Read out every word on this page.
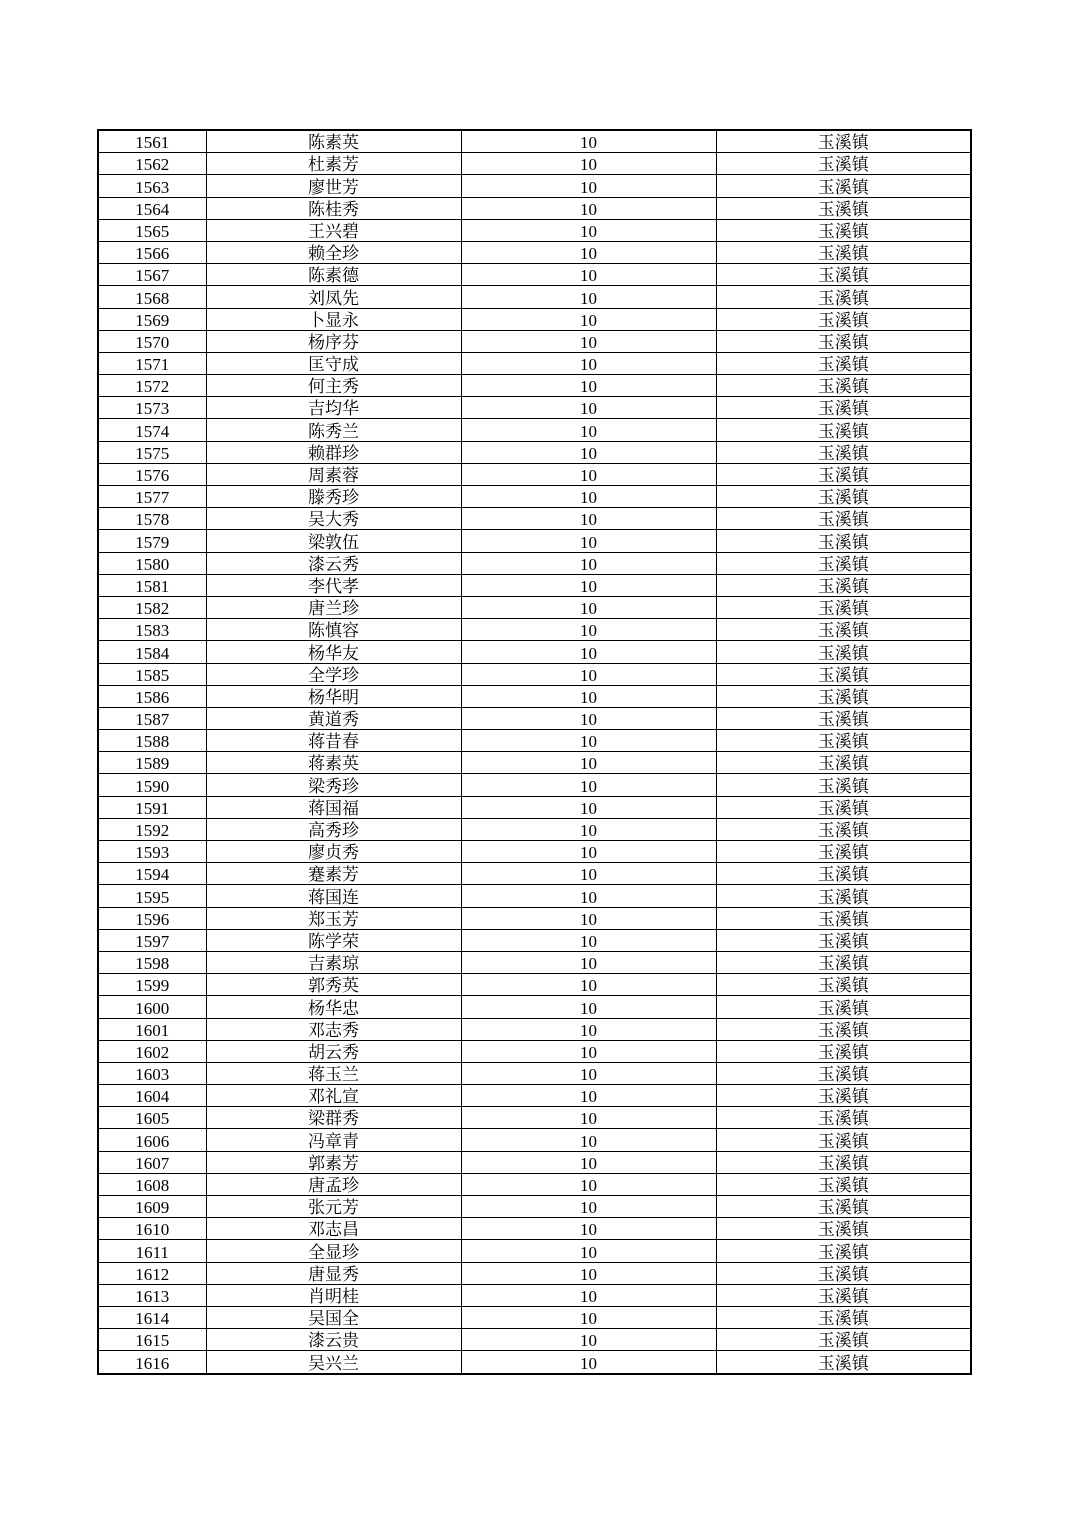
1561	陈素英	10	玉溪镇
1562	杜素芳	10	玉溪镇
1563	廖世芳	10	玉溪镇
1564	陈桂秀	10	玉溪镇
1565	王兴碧	10	玉溪镇
1566	赖全珍	10	玉溪镇
1567	陈素德	10	玉溪镇
1568	刘凤先	10	玉溪镇
1569	卜显永	10	玉溪镇
1570	杨序芬	10	玉溪镇
1571	匡守成	10	玉溪镇
1572	何主秀	10	玉溪镇
1573	吉均华	10	玉溪镇
1574	陈秀兰	10	玉溪镇
1575	赖群珍	10	玉溪镇
1576	周素蓉	10	玉溪镇
1577	滕秀珍	10	玉溪镇
1578	吴大秀	10	玉溪镇
1579	梁敦伍	10	玉溪镇
1580	漆云秀	10	玉溪镇
1581	李代孝	10	玉溪镇
1582	唐兰珍	10	玉溪镇
1583	陈慎容	10	玉溪镇
1584	杨华友	10	玉溪镇
1585	全学珍	10	玉溪镇
1586	杨华明	10	玉溪镇
1587	黄道秀	10	玉溪镇
1588	蒋昔春	10	玉溪镇
1589	蒋素英	10	玉溪镇
1590	梁秀珍	10	玉溪镇
1591	蒋国福	10	玉溪镇
1592	高秀珍	10	玉溪镇
1593	廖贞秀	10	玉溪镇
1594	蹇素芳	10	玉溪镇
1595	蒋国连	10	玉溪镇
1596	郑玉芳	10	玉溪镇
1597	陈学荣	10	玉溪镇
1598	吉素琼	10	玉溪镇
1599	郭秀英	10	玉溪镇
1600	杨华忠	10	玉溪镇
1601	邓志秀	10	玉溪镇
1602	胡云秀	10	玉溪镇
1603	蒋玉兰	10	玉溪镇
1604	邓礼宣	10	玉溪镇
1605	梁群秀	10	玉溪镇
1606	冯章青	10	玉溪镇
1607	郭素芳	10	玉溪镇
1608	唐孟珍	10	玉溪镇
1609	张元芳	10	玉溪镇
1610	邓志昌	10	玉溪镇
1611	全显珍	10	玉溪镇
1612	唐显秀	10	玉溪镇
1613	肖明桂	10	玉溪镇
1614	吴国全	10	玉溪镇
1615	漆云贵	10	玉溪镇
1616	吴兴兰	10	玉溪镇
